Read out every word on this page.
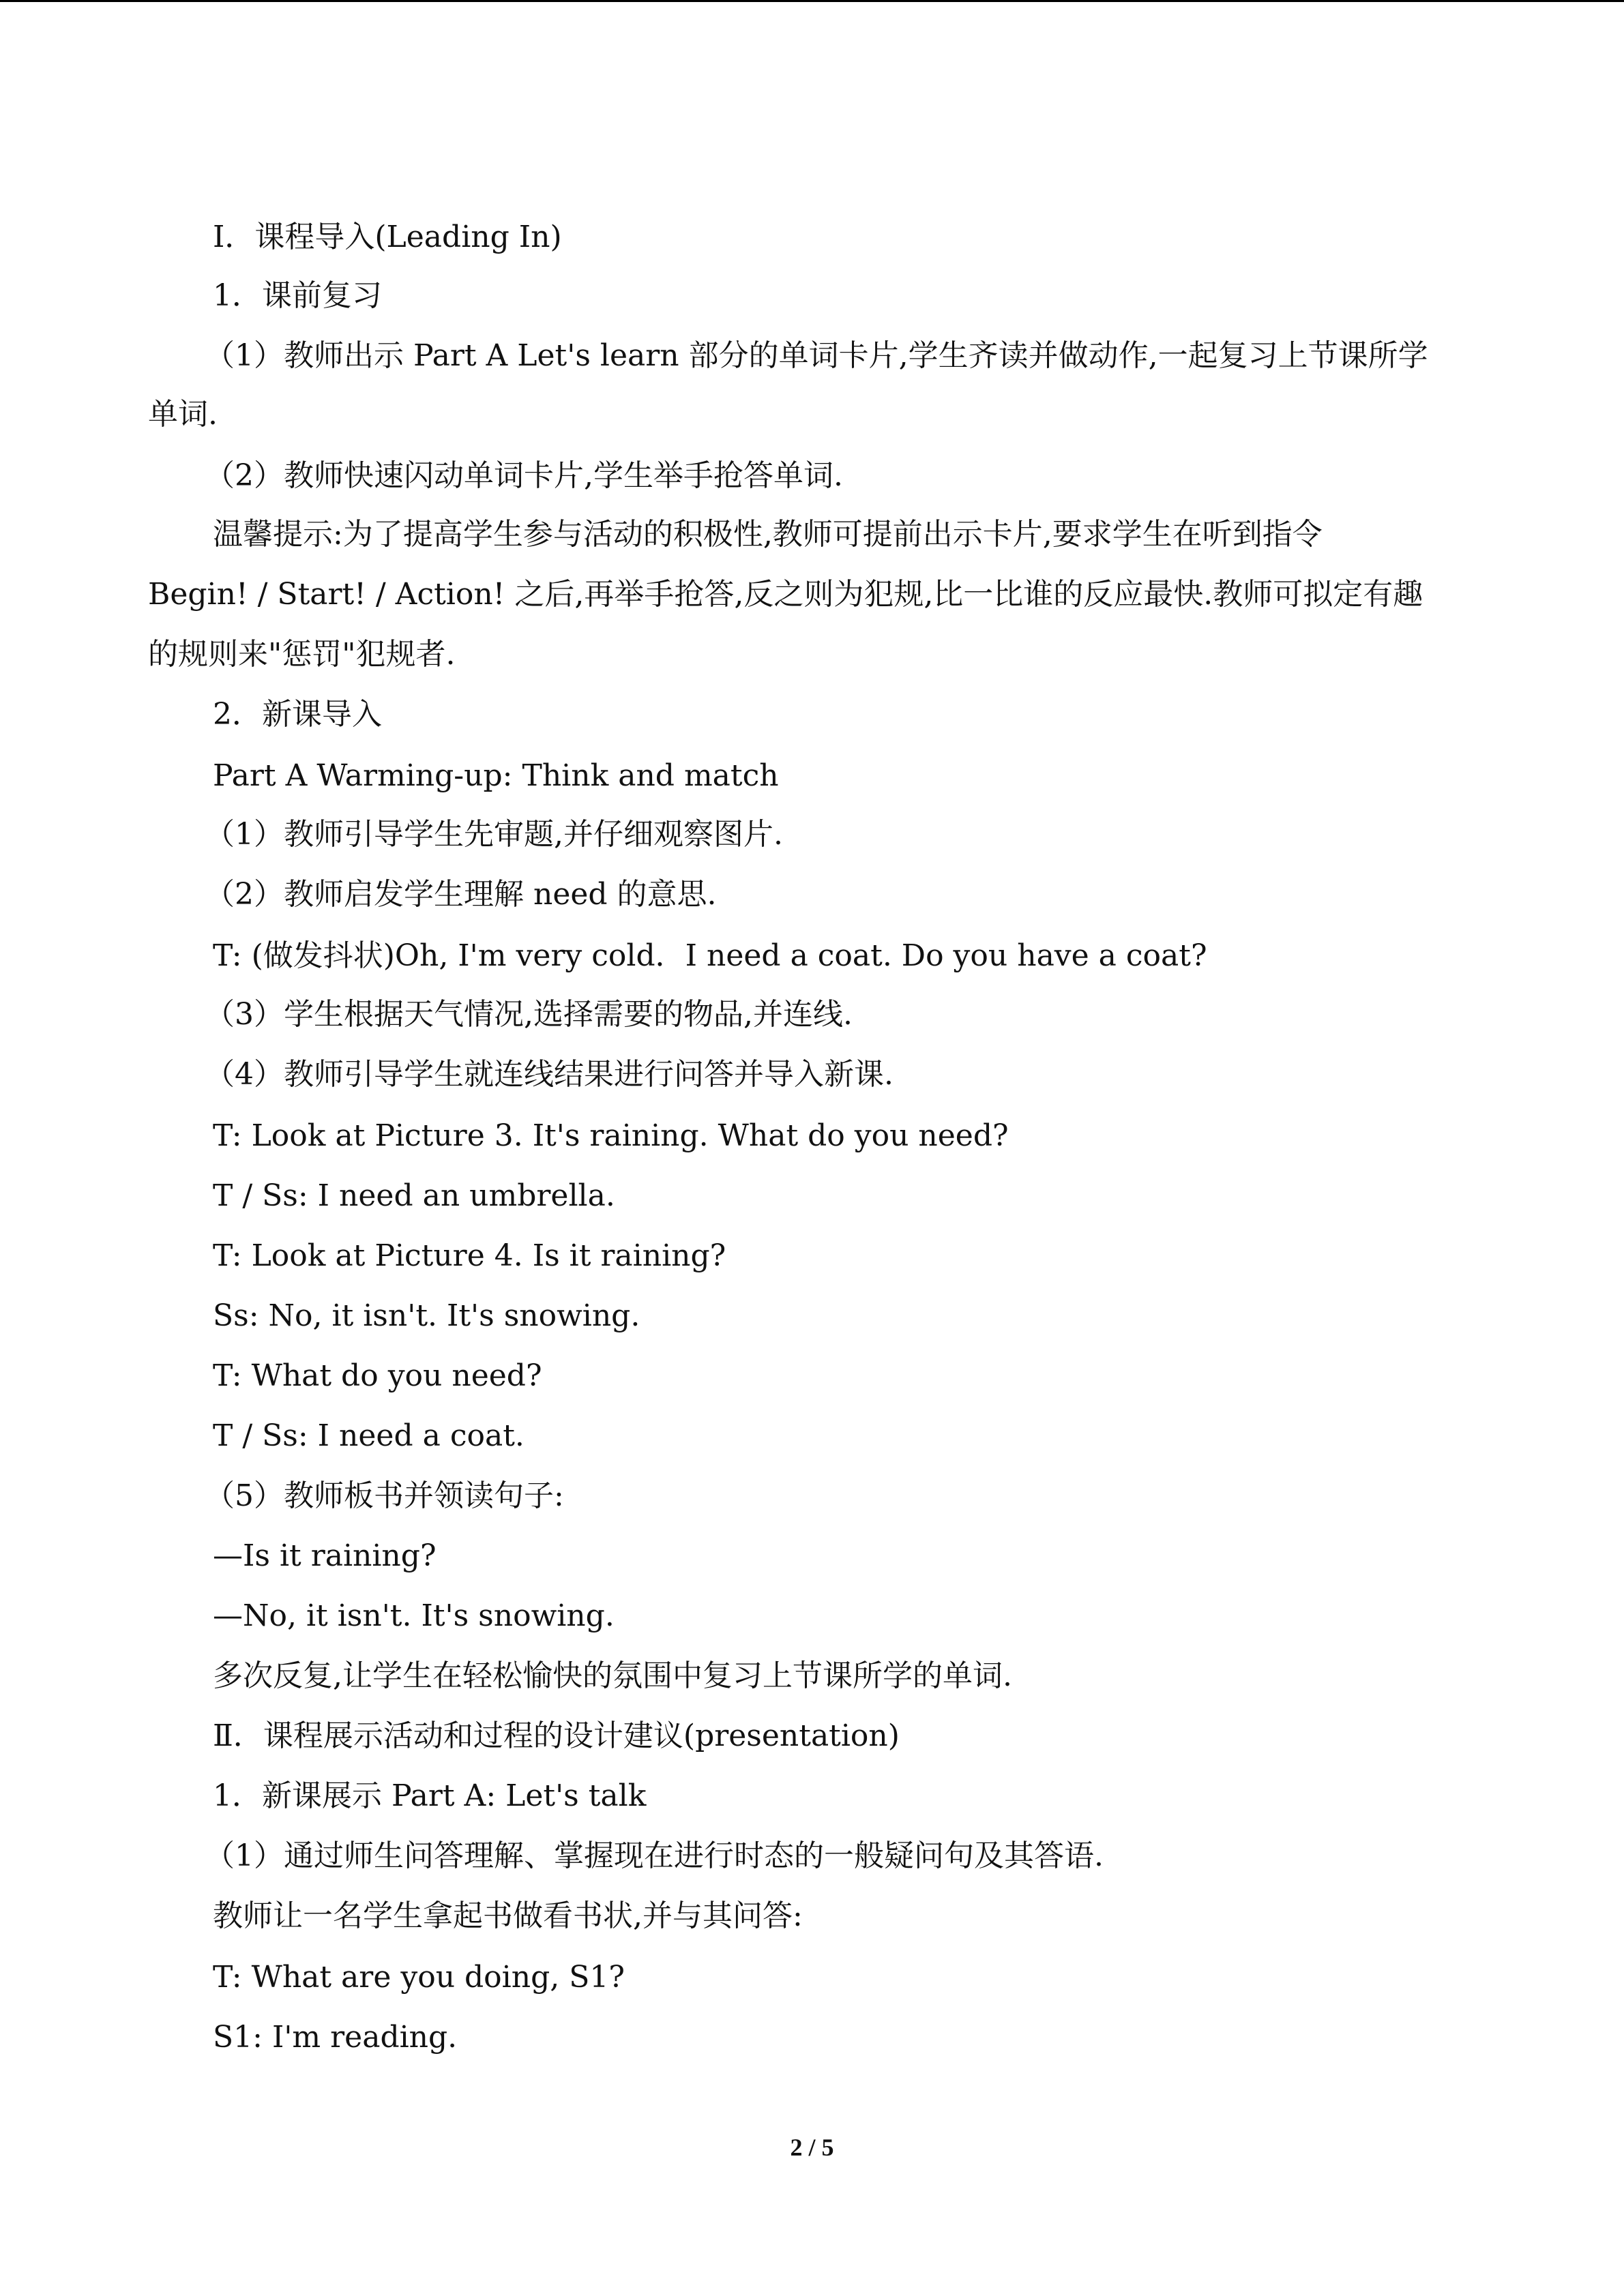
Ⅰ．课程导入(Leading In)
1．课前复习
（1）教师出示 Part A Let's learn 部分的单词卡片,学生齐读并做动作,一起复习上节课所学
单词.
（2）教师快速闪动单词卡片,学生举手抢答单词.
温馨提示:为了提高学生参与活动的积极性,教师可提前出示卡片,要求学生在听到指令
Begin! / Start! / Action! 之后,再举手抢答,反之则为犯规,比一比谁的反应最快.教师可拟定有趣
的规则来"惩罚"犯规者.
2．新课导入
Part A Warming-up: Think and match
（1）教师引导学生先审题,并仔细观察图片.
（2）教师启发学生理解 need 的意思.
T: (做发抖状)Oh, I'm very cold．I need a coat. Do you have a coat?
（3）学生根据天气情况,选择需要的物品,并连线.
（4）教师引导学生就连线结果进行问答并导入新课.
T: Look at Picture 3. It's raining. What do you need?
T / Ss: I need an umbrella.
T: Look at Picture 4. Is it raining?
Ss: No, it isn't. It's snowing.
T: What do you need?
T / Ss: I need a coat.
（5）教师板书并领读句子:
—Is it raining?
—No, it isn't. It's snowing.
多次反复,让学生在轻松愉快的氛围中复习上节课所学的单词.
Ⅱ．课程展示活动和过程的设计建议(presentation)
1．新课展示 Part A: Let's talk
（1）通过师生问答理解、掌握现在进行时态的一般疑问句及其答语.
教师让一名学生拿起书做看书状,并与其问答:
T: What are you doing, S1?
S1: I'm reading.
2 / 5
